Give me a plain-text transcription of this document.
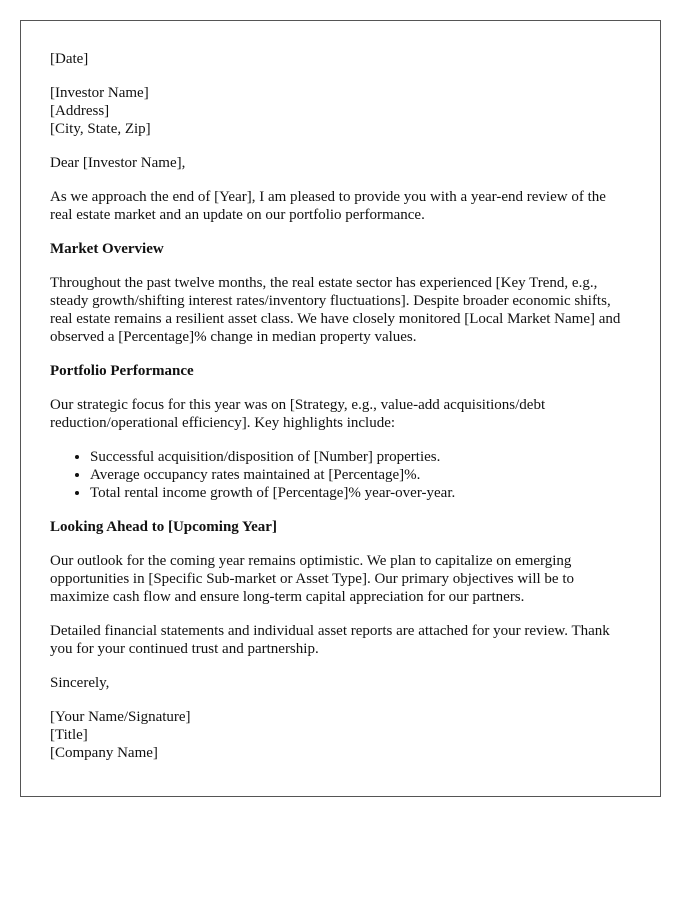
[Date]

[Investor Name]
[Address]
[City, State, Zip]

Dear [Investor Name],

As we approach the end of [Year], I am pleased to provide you with a year-end review of the real estate market and an update on our portfolio performance.

Market Overview

Throughout the past twelve months, the real estate sector has experienced [Key Trend, e.g., steady growth/shifting interest rates/inventory fluctuations]. Despite broader economic shifts, real estate remains a resilient asset class. We have closely monitored [Local Market Name] and observed a [Percentage]% change in median property values.

Portfolio Performance

Our strategic focus for this year was on [Strategy, e.g., value-add acquisitions/debt reduction/operational efficiency]. Key highlights include:

• Successful acquisition/disposition of [Number] properties.
• Average occupancy rates maintained at [Percentage]%.
• Total rental income growth of [Percentage]% year-over-year.
Looking Ahead to [Upcoming Year]

Our outlook for the coming year remains optimistic. We plan to capitalize on emerging opportunities in [Specific Sub-market or Asset Type]. Our primary objectives will be to maximize cash flow and ensure long-term capital appreciation for our partners.

Detailed financial statements and individual asset reports are attached for your review. Thank you for your continued trust and partnership.

Sincerely,

[Your Name/Signature]
[Title]
[Company Name]
